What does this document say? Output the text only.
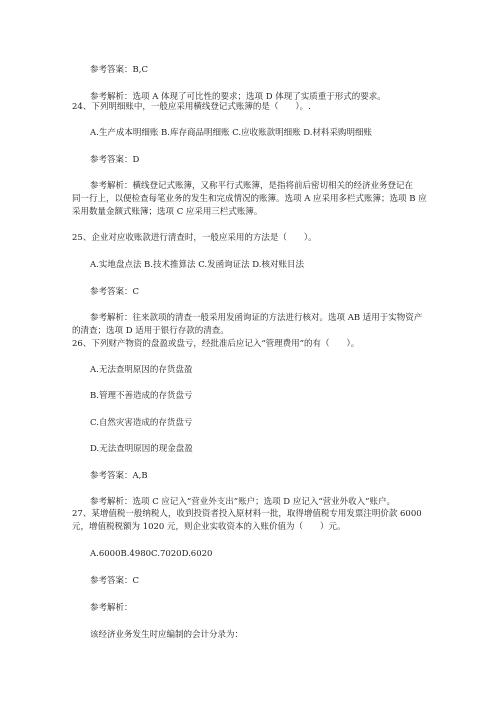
参考答案：B,C
参考解析：选项 A 体现了可比性的要求；选项 D 体现了实质重于形式的要求。
24、下列明细账中，一般应采用横线登记式账簿的是（　　）。.
A.生产成本明细账 B.库存商品明细账 C.应收账款明细账 D.材料采购明细账
参考答案：D
参考解析：横线登记式账簿，又称平行式账簿，是指将前后密切相关的经济业务登记在
同一行上，以便检查每笔业务的发生和完成情况的账簿。选项 A 应采用多栏式账簿；选项 B 应
采用数量金额式账簿；选项 C 应采用三栏式账簿。
25、企业对应收账款进行清查时，一般应采用的方法是（　　）。
A.实地盘点法 B.技术推算法 C.发函询证法 D.核对账目法
参考答案：C
参考解析：往来款项的清查一般采用发函询证的方法进行核对。选项 AB 适用于实物资产
的清查；选项 D 适用于银行存款的清查。
26、下列财产物资的盘盈或盘亏，经批准后应记入“管理费用”的有（　　）。
A.无法查明原因的存货盘盈
B.管理不善造成的存货盘亏
C.自然灾害造成的存货盘亏
D.无法查明原因的现金盘盈
参考答案：A,B
参考解析：选项 C 应记入“营业外支出”账户；选项 D 应记入“营业外收入”账户。
27、某增值税一般纳税人，收到投资者投入原材料一批，取得增值税专用发票注明价款 6000
元，增值税税额为 1020 元，则企业实收资本的入账价值为（　　）元。
A.6000B.4980C.7020D.6020
参考答案：C
参考解析：
该经济业务发生时应编制的会计分录为：
